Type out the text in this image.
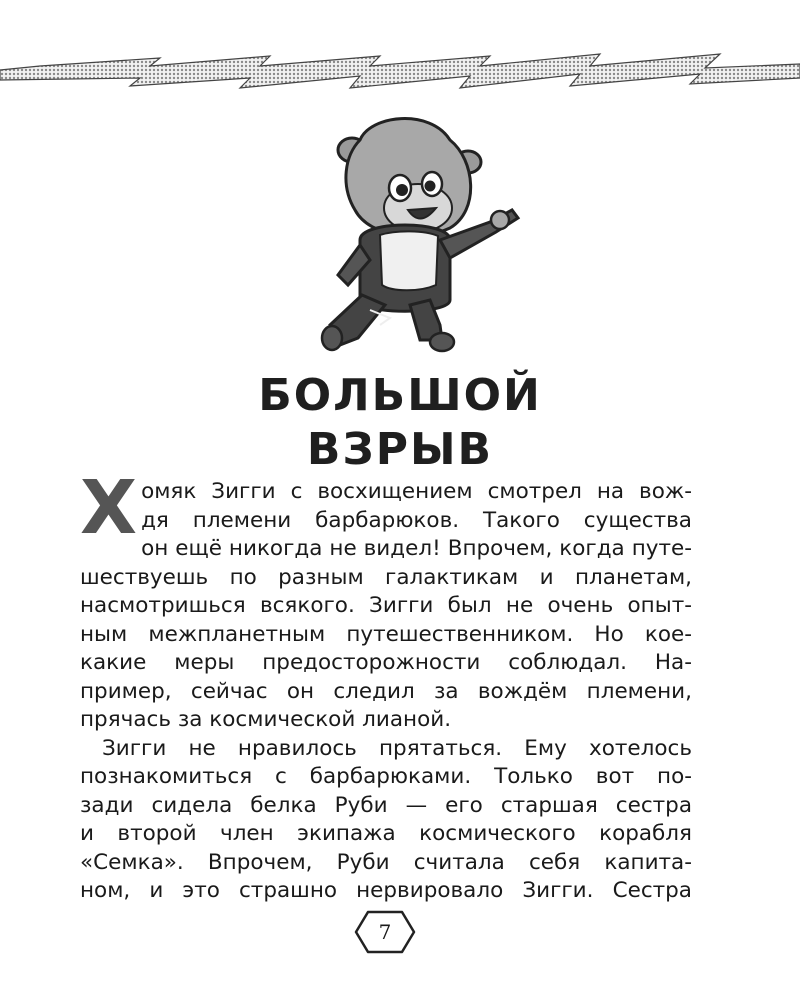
БОЛЬШОЙ
ВЗРЫВ
Х омяк Зигги с восхищением смотрел на вож-
дя племени барбарюков. Такого существа
он ещё никогда не видел! Впрочем, когда путе-
шествуешь по разным галактикам и планетам,
насмотришься всякого. Зигги был не очень опыт-
ным межпланетным путешественником. Но кое-
какие меры предосторожности соблюдал. На-
пример, сейчас он следил за вождём племени,
прячась за космической лианой.
Зигги не нравилось прятаться. Ему хотелось
познакомиться с барбарюками. Только вот по-
зади сидела белка Руби — его старшая сестра
и второй член экипажа космического корабля
«Семка». Впрочем, Руби считала себя капита-
ном, и это страшно нервировало Зигги. Сестра
7
